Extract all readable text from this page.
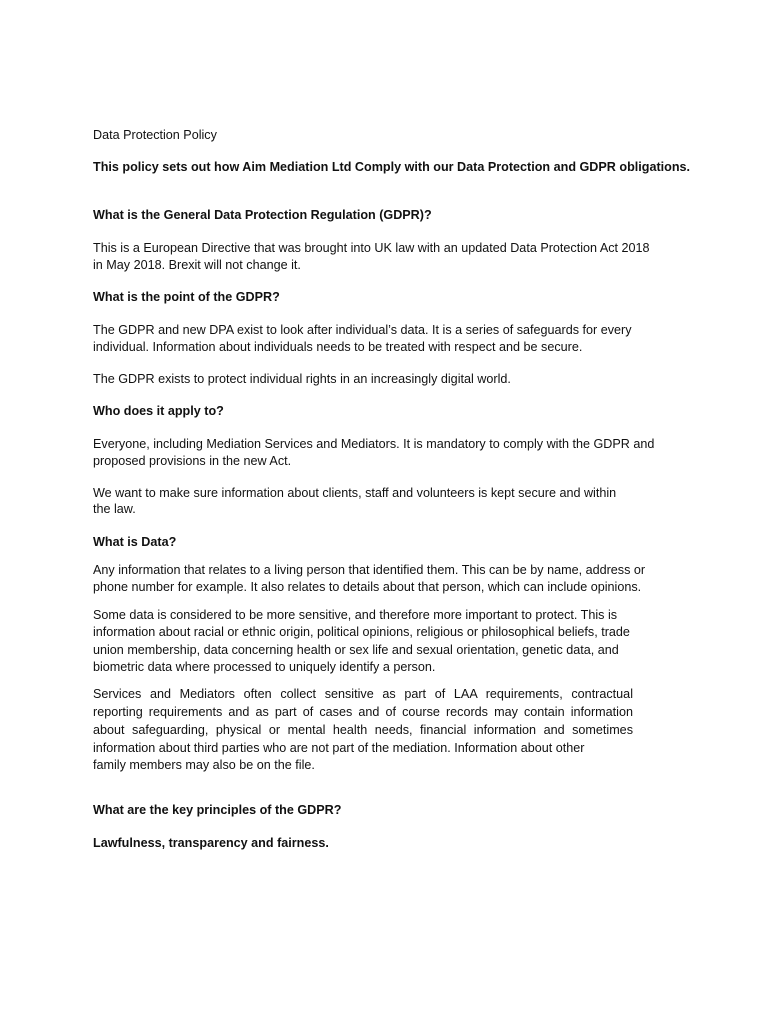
Data Protection Policy

This policy sets out how Aim Mediation Ltd Comply with our Data Protection and GDPR obligations.

What is the General Data Protection Regulation (GDPR)?

This is a European Directive that was brought into UK law with an updated Data Protection Act 2018

in May 2018. Brexit will not change it.

What is the point of the GDPR?

The GDPR and new DPA exist to look after individual’s data. It is a series of safeguards for every

individual. Information about individuals needs to be treated with respect and be secure.

The GDPR exists to protect individual rights in an increasingly digital world.

Who does it apply to?

Everyone, including Mediation Services and Mediators. It is mandatory to comply with the GDPR and

proposed provisions in the new Act.

We want to make sure information about clients, staff and volunteers is kept secure and within

the law.

What is Data?

Any information that relates to a living person that identified them. This can be by name, address or

phone number for example. It also relates to details about that person, which can include opinions.

Some data is considered to be more sensitive, and therefore more important to protect. This is

information about racial or ethnic origin, political opinions, religious or philosophical beliefs, trade

union membership, data concerning health or sex life and sexual orientation, genetic data, and

biometric data where processed to uniquely identify a person.

Services and Mediators often collect sensitive as part of LAA requirements, contractual

reporting requirements and as part of cases and of course records may contain information

about safeguarding, physical or mental health needs, financial information and sometimes

information about third parties who are not part of the mediation. Information about other

family members may also be on the file.

What are the key principles of the GDPR?

Lawfulness, transparency and fairness.
